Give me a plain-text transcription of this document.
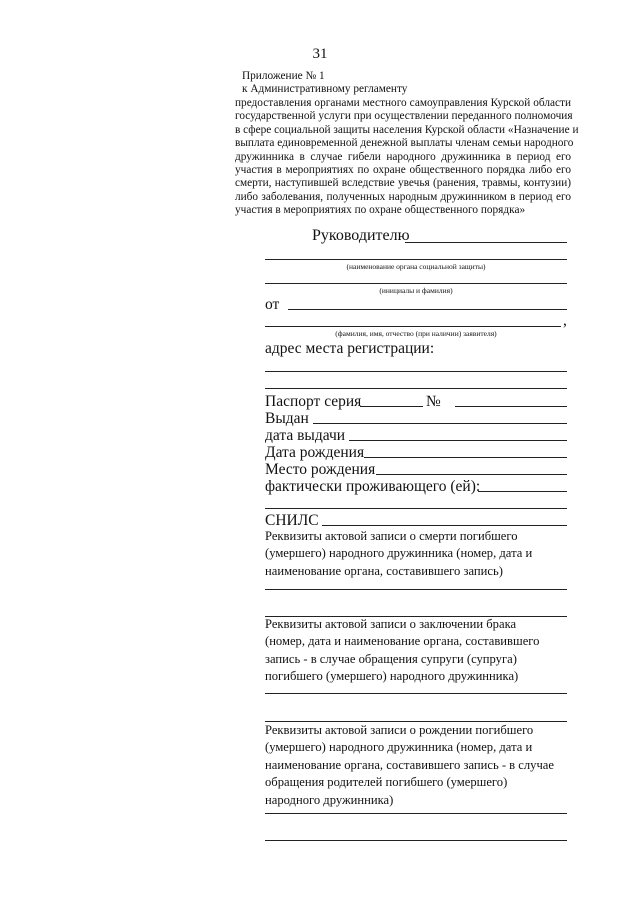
31
Приложение № 1
к Административному регламенту
предоставления органами местного самоуправления Курской области
государственной услуги при осуществлении переданного полномочия
в сфере социальной защиты населения Курской области «Назначение и
выплата единовременной денежной выплаты членам семьи народного
дружинника в случае гибели народного дружинника в период его
участия в мероприятиях по охране общественного порядка либо его
смерти, наступившей вследствие увечья (ранения, травмы, контузии)
либо заболевания, полученных народным дружинником в период его
участия в мероприятиях по охране общественного порядка»
Руководителю
(наименование органа социальной защиты)
(инициалы и фамилия)
от
,
(фамилия, имя, отчество (при наличии) заявителя)
адрес места регистрации:
Паспорт серия	№
Выдан
дата выдачи
Дата рождения
Место рождения
фактически проживающего (ей):
СНИЛС
Реквизиты актовой записи о смерти погибшего
(умершего) народного дружинника (номер, дата и
наименование органа, составившего запись)
Реквизиты актовой записи о заключении брака
(номер, дата и наименование органа, составившего
запись - в случае обращения супруги (супруга)
погибшего (умершего) народного дружинника)
Реквизиты актовой записи о рождении погибшего
(умершего) народного дружинника (номер, дата и
наименование органа, составившего запись - в случае
обращения родителей погибшего (умершего)
народного дружинника)
